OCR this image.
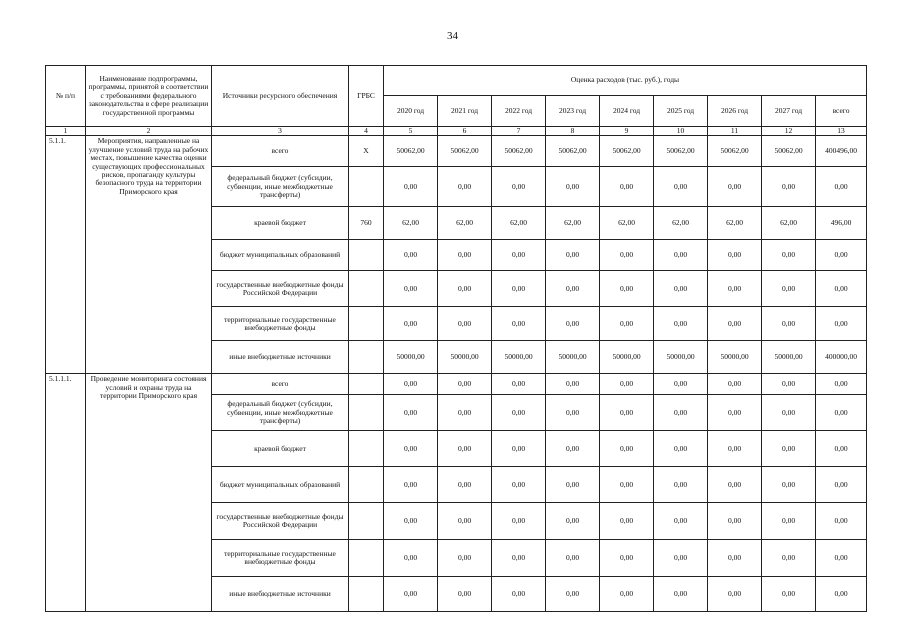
34
№ п/п	Наименование подпрограммы, программы, принятой в соответствии с требованиями федерального законодательства в сфере реализации государственной программы	Источники ресурсного обеспечения	ГРБС	Оценка расходов (тыс. руб.), годы								
				2020 год	2021 год	2022 год	2023 год	2024 год	2025 год	2026 год	2027 год	всего
1	2	3	4	5	6	7	8	9	10	11	12	13
5.1.1.	Мероприятия, направленные на улучшение условий труда на рабочих местах, повышение качества оценки существующих профессиональных рисков, пропаганду культуры безопасного труда на территории Приморского края	всего	Х	50062,00	50062,00	50062,00	50062,00	50062,00	50062,00	50062,00	50062,00	400496,00
		федеральный бюджет (субсидии, субвенции, иные межбюджетные трансферты)		0,00	0,00	0,00	0,00	0,00	0,00	0,00	0,00	0,00
		краевой бюджет	760	62,00	62,00	62,00	62,00	62,00	62,00	62,00	62,00	496,00
		бюджет муниципальных образований		0,00	0,00	0,00	0,00	0,00	0,00	0,00	0,00	0,00
		государственные внебюджетные фонды Российской Федерации		0,00	0,00	0,00	0,00	0,00	0,00	0,00	0,00	0,00
		территориальные государственные внебюджетные фонды		0,00	0,00	0,00	0,00	0,00	0,00	0,00	0,00	0,00
		иные внебюджетные источники		50000,00	50000,00	50000,00	50000,00	50000,00	50000,00	50000,00	50000,00	400000,00
5.1.1.1.	Проведение мониторинга состояния условий и охраны труда на территории Приморского края	всего		0,00	0,00	0,00	0,00	0,00	0,00	0,00	0,00	0,00
		федеральный бюджет (субсидии, субвенции, иные межбюджетные трансферты)		0,00	0,00	0,00	0,00	0,00	0,00	0,00	0,00	0,00
		краевой бюджет		0,00	0,00	0,00	0,00	0,00	0,00	0,00	0,00	0,00
		бюджет муниципальных образований		0,00	0,00	0,00	0,00	0,00	0,00	0,00	0,00	0,00
		государственные внебюджетные фонды Российской Федерации		0,00	0,00	0,00	0,00	0,00	0,00	0,00	0,00	0,00
		территориальные государственные внебюджетные фонды		0,00	0,00	0,00	0,00	0,00	0,00	0,00	0,00	0,00
		иные внебюджетные источники		0,00	0,00	0,00	0,00	0,00	0,00	0,00	0,00	0,00
